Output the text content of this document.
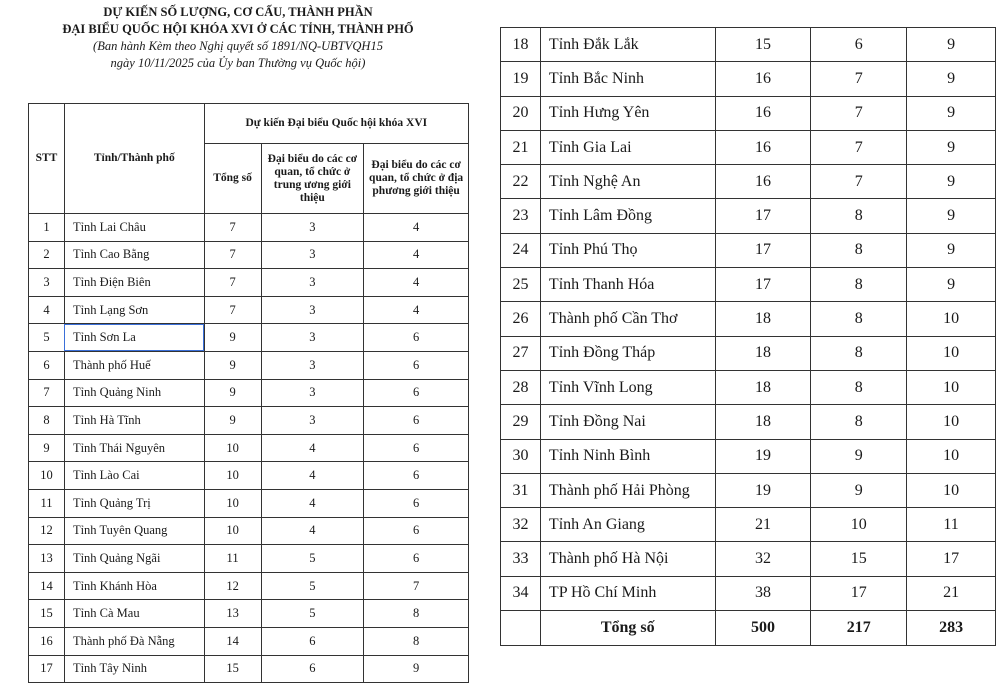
DỰ KIẾN SỐ LƯỢNG, CƠ CẤU, THÀNH PHẦN
ĐẠI BIỂU QUỐC HỘI KHÓA XVI Ở CÁC TỈNH, THÀNH PHỐ
(Ban hành Kèm theo Nghị quyết số 1891/NQ-UBTVQH15
ngày 10/11/2025 của Ủy ban Thường vụ Quốc hội)
STT	Tỉnh/Thành phố	Dự kiến Đại biểu Quốc hội khóa XVI		
		Tổng số	Đại biểu do các cơ quan, tổ chức ở trung ương giới thiệu	Đại biểu do các cơ quan, tổ chức ở địa phương giới thiệu
1	Tỉnh Lai Châu	7	3	4
2	Tỉnh Cao Bằng	7	3	4
3	Tỉnh Điện Biên	7	3	4
4	Tỉnh Lạng Sơn	7	3	4
5	Tỉnh Sơn La	9	3	6
6	Thành phố Huế	9	3	6
7	Tỉnh Quảng Ninh	9	3	6
8	Tỉnh Hà Tĩnh	9	3	6
9	Tỉnh Thái Nguyên	10	4	6
10	Tỉnh Lào Cai	10	4	6
11	Tỉnh Quảng Trị	10	4	6
12	Tỉnh Tuyên Quang	10	4	6
13	Tỉnh Quảng Ngãi	11	5	6
14	Tỉnh Khánh Hòa	12	5	7
15	Tỉnh Cà Mau	13	5	8
16	Thành phố Đà Nẵng	14	6	8
17	Tỉnh Tây Ninh	15	6	9
18	Tỉnh Đắk Lắk	15	6	9
19	Tỉnh Bắc Ninh	16	7	9
20	Tỉnh Hưng Yên	16	7	9
21	Tỉnh Gia Lai	16	7	9
22	Tỉnh Nghệ An	16	7	9
23	Tỉnh Lâm Đồng	17	8	9
24	Tỉnh Phú Thọ	17	8	9
25	Tỉnh Thanh Hóa	17	8	9
26	Thành phố Cần Thơ	18	8	10
27	Tỉnh Đồng Tháp	18	8	10
28	Tỉnh Vĩnh Long	18	8	10
29	Tỉnh Đồng Nai	18	8	10
30	Tỉnh Ninh Bình	19	9	10
31	Thành phố Hải Phòng	19	9	10
32	Tỉnh An Giang	21	10	11
33	Thành phố Hà Nội	32	15	17
34	TP Hồ Chí Minh	38	17	21
	Tổng số	500	217	283
